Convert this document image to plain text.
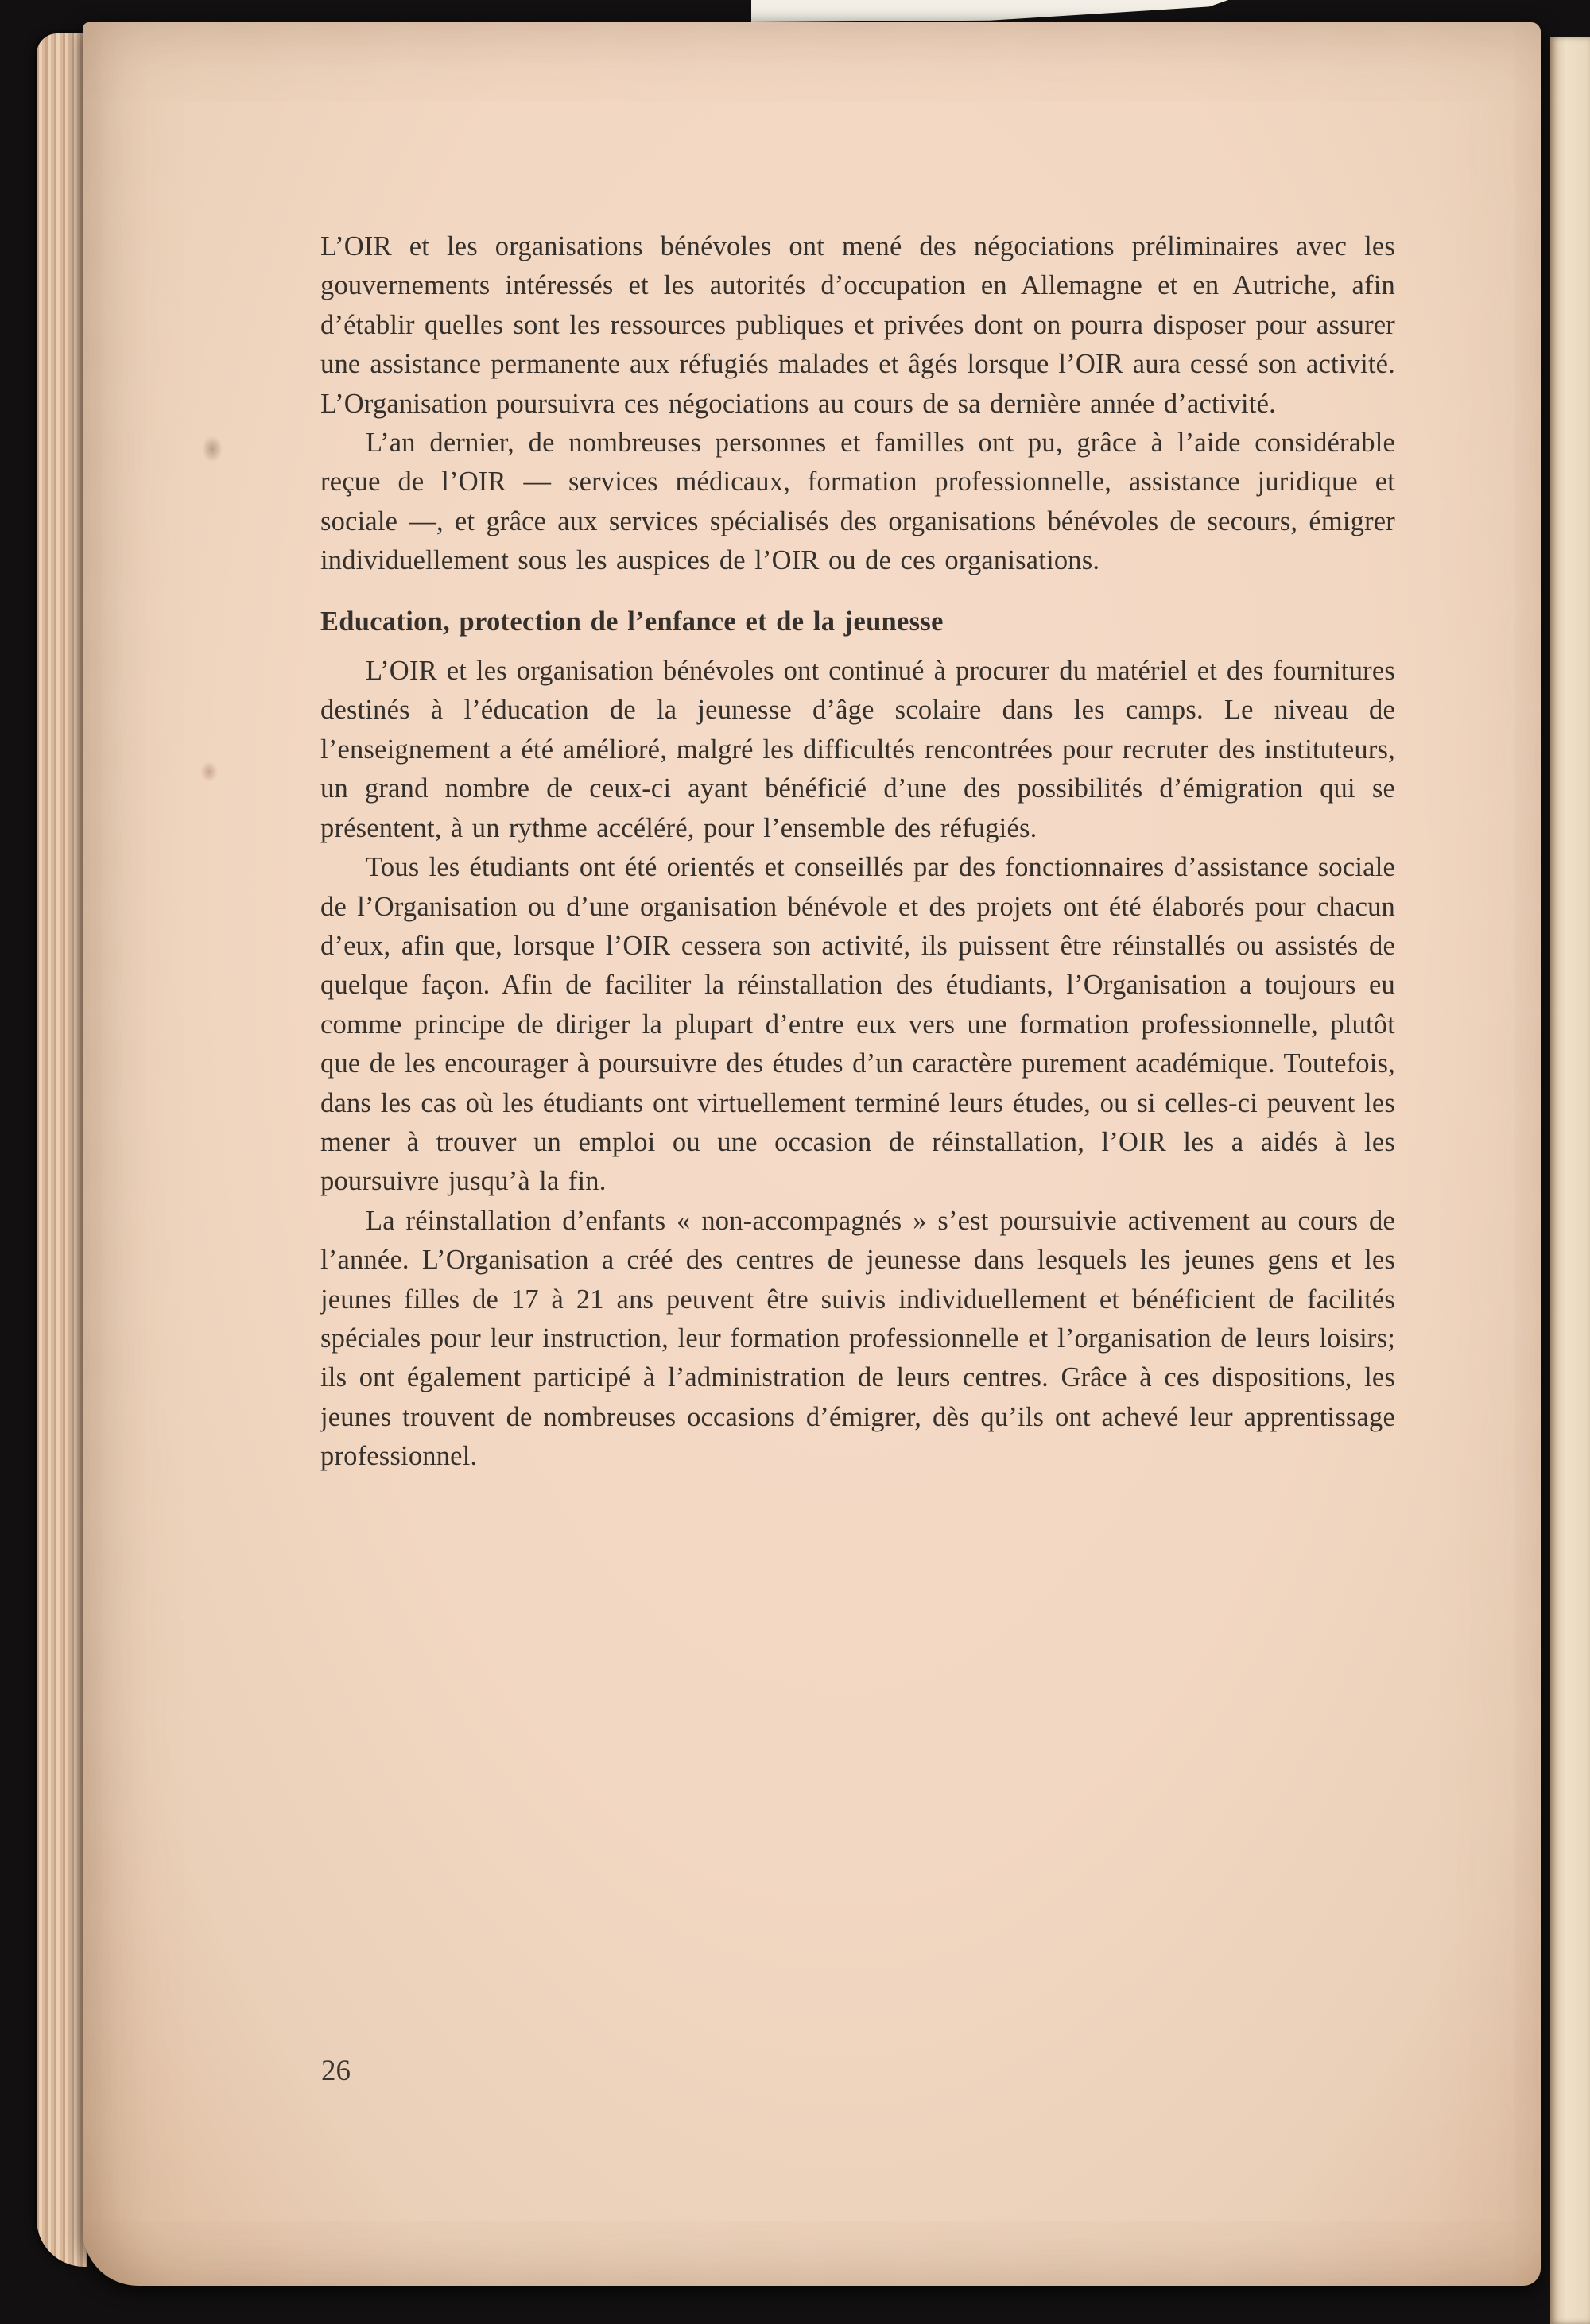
L’OIR et les organisations bénévoles ont mené des négociations préliminaires avec les gouvernements intéressés et les autorités d’occupation en Allemagne et en Autriche, afin d’établir quelles sont les ressources publiques et privées dont on pourra disposer pour assurer une assistance permanente aux réfugiés malades et âgés lorsque l’OIR aura cessé son activité. L’Organisation poursuivra ces négociations au cours de sa dernière année d’activité.

L’an dernier, de nombreuses personnes et familles ont pu, grâce à l’aide considérable reçue de l’OIR — services médicaux, formation professionnelle, assistance juridique et sociale —, et grâce aux services spécialisés des organisations bénévoles de secours, émigrer individuellement sous les auspices de l’OIR ou de ces organisations.

Education, protection de l’enfance et de la jeunesse

L’OIR et les organisation bénévoles ont continué à procurer du matériel et des fournitures destinés à l’éducation de la jeunesse d’âge scolaire dans les camps. Le niveau de l’enseignement a été amélioré, malgré les difficultés rencontrées pour recruter des instituteurs, un grand nombre de ceux-ci ayant bénéficié d’une des possibilités d’émigration qui se présentent, à un rythme accéléré, pour l’ensemble des réfugiés.

Tous les étudiants ont été orientés et conseillés par des fonctionnaires d’assistance sociale de l’Organisation ou d’une organisation bénévole et des projets ont été élaborés pour chacun d’eux, afin que, lorsque l’OIR cessera son activité, ils puissent être réinstallés ou assistés de quelque façon. Afin de faciliter la réinstallation des étudiants, l’Organisation a toujours eu comme principe de diriger la plupart d’entre eux vers une formation professionnelle, plutôt que de les encourager à poursuivre des études d’un caractère purement académique. Toutefois, dans les cas où les étudiants ont virtuellement terminé leurs études, ou si celles-ci peuvent les mener à trouver un emploi ou une occasion de réinstallation, l’OIR les a aidés à les poursuivre jusqu’à la fin.

La réinstallation d’enfants « non-accompagnés » s’est poursuivie activement au cours de l’année. L’Organisation a créé des centres de jeunesse dans lesquels les jeunes gens et les jeunes filles de 17 à 21 ans peuvent être suivis individuellement et bénéficient de facilités spéciales pour leur instruction, leur formation professionnelle et l’organisation de leurs loisirs; ils ont également participé à l’administration de leurs centres. Grâce à ces dispositions, les jeunes trouvent de nombreuses occasions d’émigrer, dès qu’ils ont achevé leur apprentissage professionnel.

26
